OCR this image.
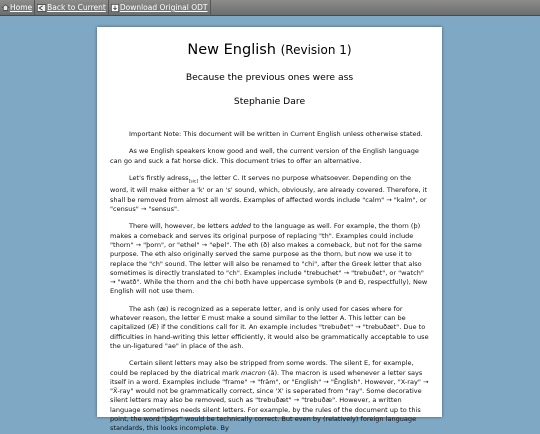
Home Back to Current Download Original ODT
New English (Revision 1)
Because the previous ones were ass
Stephanie Dare

Important Note: This document will be written in Current English unless otherwise stated.

As we English speakers know good and well, the current version of the English language can go and suck a fat horse dick. This document tries to offer an alternative.

Let's firstly adress$_{[sic]}$ the letter C. It serves no purpose whatsoever. Depending on the word, it will make either a 'k' or an 's' sound, which, obviously, are already covered. Therefore, it shall be removed from almost all words. Examples of affected words include "calm" → "kalm", or "census" → "sensus".

There will, however, be letters added to the language as well. For example, the thorn (þ) makes a comeback and serves its original purpose of replacing "th". Examples could include "thorn" → "þorn", or "ethel" → "eþel". The eth (ð) also makes a comeback, but not for the same purpose. The eth also originally served the same purpose as the thorn, but now we use it to replace the "ch" sound. The letter will also be renamed to "chi", after the Greek letter that also sometimes is directly translated to "ch". Examples include "trebuchet" → "trebuðet", or "watch" → "watð". While the thorn and the chi both have uppercase symbols (Þ and Ð, respectfully), New English will not use them.

The ash (æ) is recognized as a seperate letter, and is only used for cases where for whatever reason, the letter E must make a sound similar to the letter A. This letter can be capitalized (Æ) if the conditions call for it. An example includes "trebuðet" → "trebuðæt". Due to difficulties in hand-writing this letter efficiently, it would also be grammatically acceptable to use the un-ligatured "ae" in place of the ash.

Certain silent letters may also be stripped from some words. The silent E, for example, could be replaced by the diatrical mark macron (ā). The macron is used whenever a letter says itself in a word. Examples include "frame" → "frām", or "English" → "Ēnglish". However, "X-ray" → "X̄-ray" would not be grammatically correct, since 'X' is seperated from "ray". Some decorative silent letters may also be removed, such as "trebuðæt" → "trebuðæ". However, a written language sometimes needs silent letters. For example, by the rules of the document up to this point, the word "þāgr" would be technically correct. But even by (relatively) foreign language standards, this looks incomplete. By
